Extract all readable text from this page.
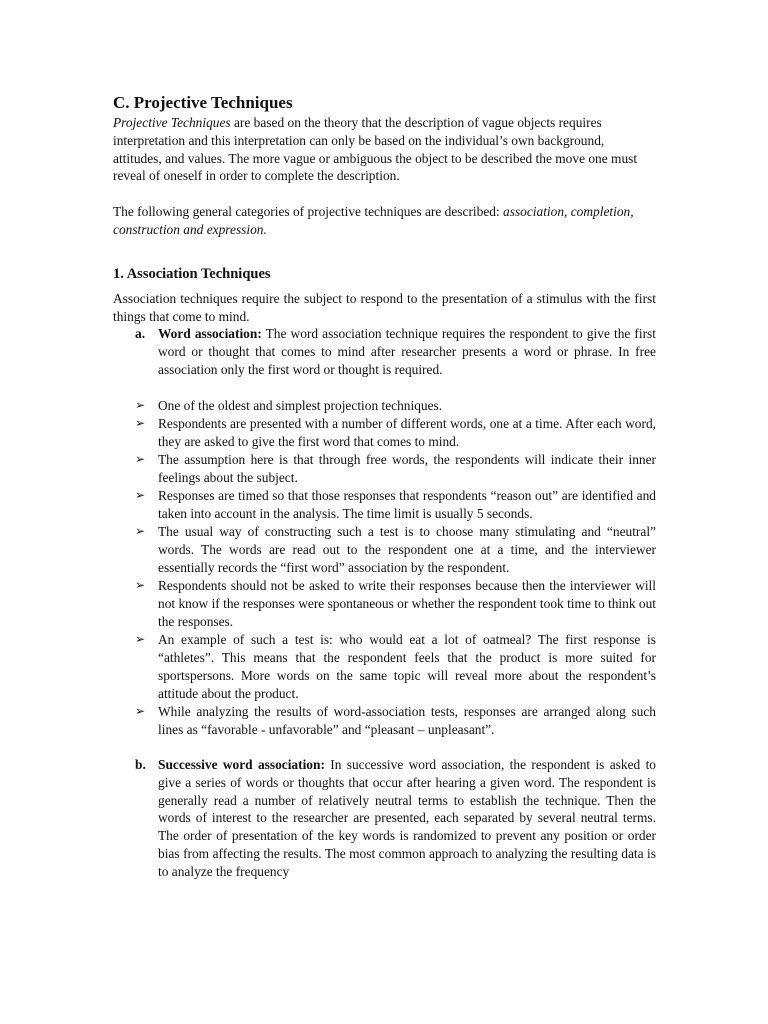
C. Projective Techniques

Projective Techniques are based on the theory that the description of vague objects requires interpretation and this interpretation can only be based on the individual’s own background, attitudes, and values. The more vague or ambiguous the object to be described the move one must reveal of oneself in order to complete the description.

The following general categories of projective techniques are described: association, completion, construction and expression.

1. Association Techniques

Association techniques require the subject to respond to the presentation of a stimulus with the first things that come to mind.

a. Word association: The word association technique requires the respondent to give the first word or thought that comes to mind after researcher presents a word or phrase. In free association only the first word or thought is required.

➢ One of the oldest and simplest projection techniques.
➢ Respondents are presented with a number of different words, one at a time. After each word, they are asked to give the first word that comes to mind.
➢ The assumption here is that through free words, the respondents will indicate their inner feelings about the subject.
➢ Responses are timed so that those responses that respondents “reason out” are identified and taken into account in the analysis. The time limit is usually 5 seconds.
➢ The usual way of constructing such a test is to choose many stimulating and “neutral” words. The words are read out to the respondent one at a time, and the interviewer essentially records the “first word” association by the respondent.
➢ Respondents should not be asked to write their responses because then the interviewer will not know if the responses were spontaneous or whether the respondent took time to think out the responses.
➢ An example of such a test is: who would eat a lot of oatmeal? The first response is “athletes”. This means that the respondent feels that the product is more suited for sportspersons. More words on the same topic will reveal more about the respondent’s attitude about the product.
➢ While analyzing the results of word-association tests, responses are arranged along such lines as “favorable - unfavorable” and “pleasant – unpleasant”.

b. Successive word association: In successive word association, the respondent is asked to give a series of words or thoughts that occur after hearing a given word. The respondent is generally read a number of relatively neutral terms to establish the technique. Then the words of interest to the researcher are presented, each separated by several neutral terms. The order of presentation of the key words is randomized to prevent any position or order bias from affecting the results. The most common approach to analyzing the resulting data is to analyze the frequency
